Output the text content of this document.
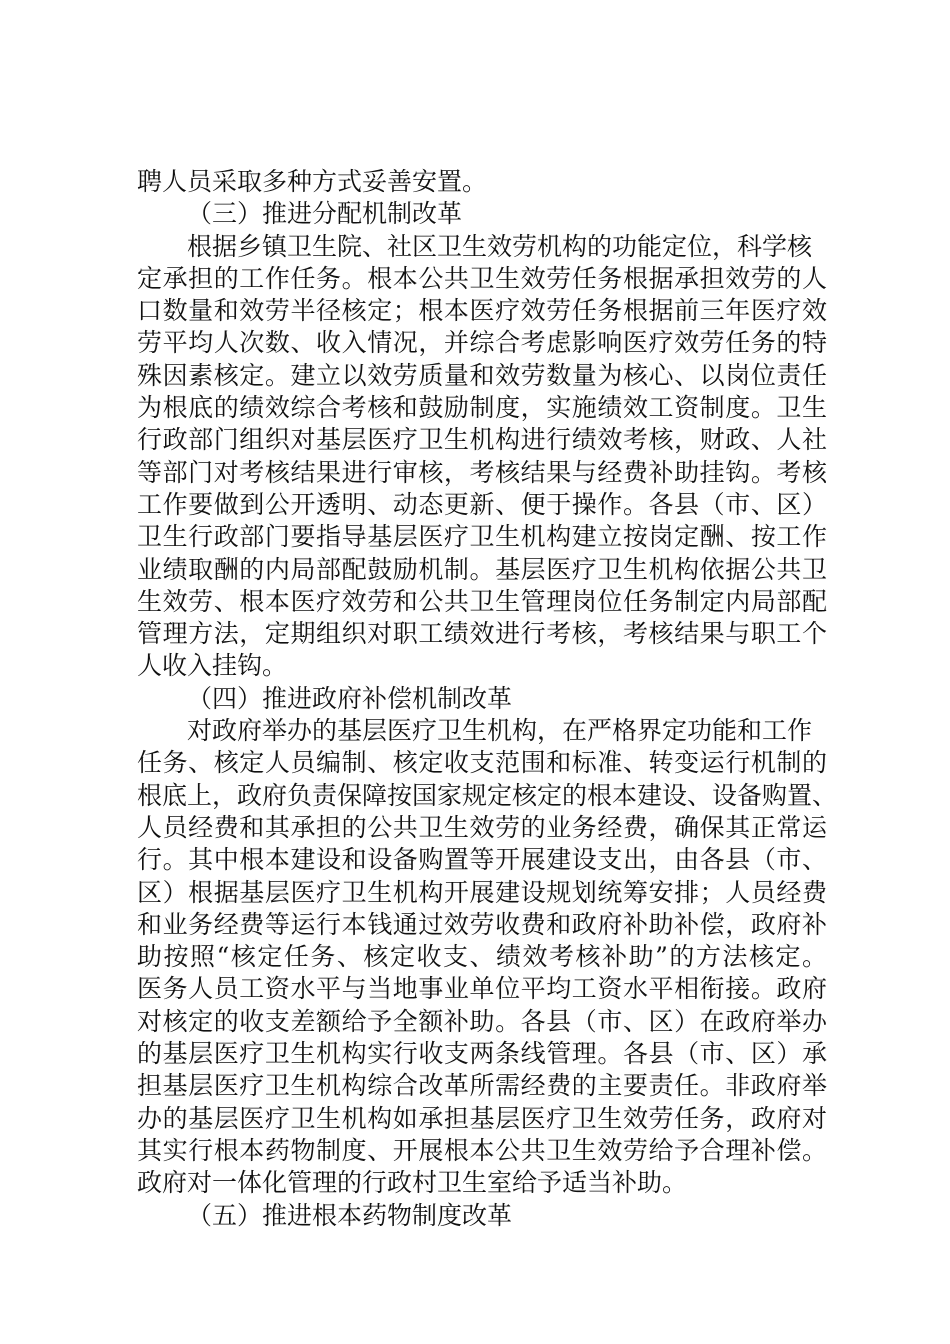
聘人员采取多种方式妥善安置。
（三）推进分配机制改革
根据乡镇卫生院、社区卫生效劳机构的功能定位，科学核
定承担的工作任务。根本公共卫生效劳任务根据承担效劳的人
口数量和效劳半径核定；根本医疗效劳任务根据前三年医疗效
劳平均人次数、收入情况，并综合考虑影响医疗效劳任务的特
殊因素核定。建立以效劳质量和效劳数量为核心、以岗位责任
为根底的绩效综合考核和鼓励制度，实施绩效工资制度。卫生
行政部门组织对基层医疗卫生机构进行绩效考核，财政、人社
等部门对考核结果进行审核，考核结果与经费补助挂钩。考核
工作要做到公开透明、动态更新、便于操作。各县（市、区）
卫生行政部门要指导基层医疗卫生机构建立按岗定酬、按工作
业绩取酬的内局部配鼓励机制。基层医疗卫生机构依据公共卫
生效劳、根本医疗效劳和公共卫生管理岗位任务制定内局部配
管理方法，定期组织对职工绩效进行考核，考核结果与职工个
人收入挂钩。
（四）推进政府补偿机制改革
对政府举办的基层医疗卫生机构，在严格界定功能和工作
任务、核定人员编制、核定收支范围和标准、转变运行机制的
根底上，政府负责保障按国家规定核定的根本建设、设备购置、
人员经费和其承担的公共卫生效劳的业务经费，确保其正常运
行。其中根本建设和设备购置等开展建设支出，由各县（市、
区）根据基层医疗卫生机构开展建设规划统筹安排；人员经费
和业务经费等运行本钱通过效劳收费和政府补助补偿，政府补
助按照“核定任务、核定收支、绩效考核补助”的方法核定。
医务人员工资水平与当地事业单位平均工资水平相衔接。政府
对核定的收支差额给予全额补助。各县（市、区）在政府举办
的基层医疗卫生机构实行收支两条线管理。各县（市、区）承
担基层医疗卫生机构综合改革所需经费的主要责任。非政府举
办的基层医疗卫生机构如承担基层医疗卫生效劳任务，政府对
其实行根本药物制度、开展根本公共卫生效劳给予合理补偿。
政府对一体化管理的行政村卫生室给予适当补助。
（五）推进根本药物制度改革
